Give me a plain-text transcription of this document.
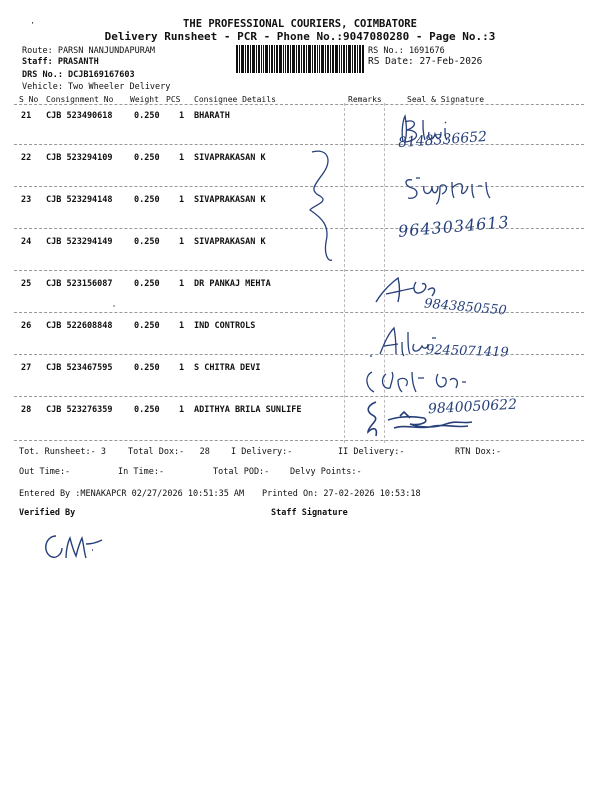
·	THE PROFESSIONAL COURIERS, COIMBATORE
Delivery Runsheet - PCR - Phone No.:9047080280 - Page No.:3
Route: PARSN NANJUNDAPURAM
Staff: PRASANTH
DRS No.: DCJB169167603
Vehicle: Two Wheeler Delivery
RS No.: 1691676
RS Date: 27-Feb-2026
S No Consignment No Weight PCS Consignee Details	Remarks	Seal & Signature
21 CJB 523490618	0.250 1 BHARATH
22 CJB 523294109	0.250 1 SIVAPRAKASAN K
23 CJB 523294148	0.250 1 SIVAPRAKASAN K
24 CJB 523294149	0.250 1 SIVAPRAKASAN K
25 CJB 523156087	0.250 1 DR PANKAJ MEHTA
26 CJB 522608848	0.250 1 IND CONTROLS
27 CJB 523467595	0.250 1 S CHITRA DEVI
28 CJB 523276359	0.250 1 ADITHYA BRILA SUNLIFE
8148336652
9643034613
9843850550
9245071419
9840050622
Tot. Runsheet:- 3	Total Dox:-   28 I Delivery:-	II Delivery:-	RTN Dox:-
Out Time:-	In Time:-	Total POD:- Delvy Points:-
Entered By :MENAKAPCR 02/27/2026 10:51:35 AM Printed On: 27-02-2026 10:53:18
Verified By	Staff Signature
